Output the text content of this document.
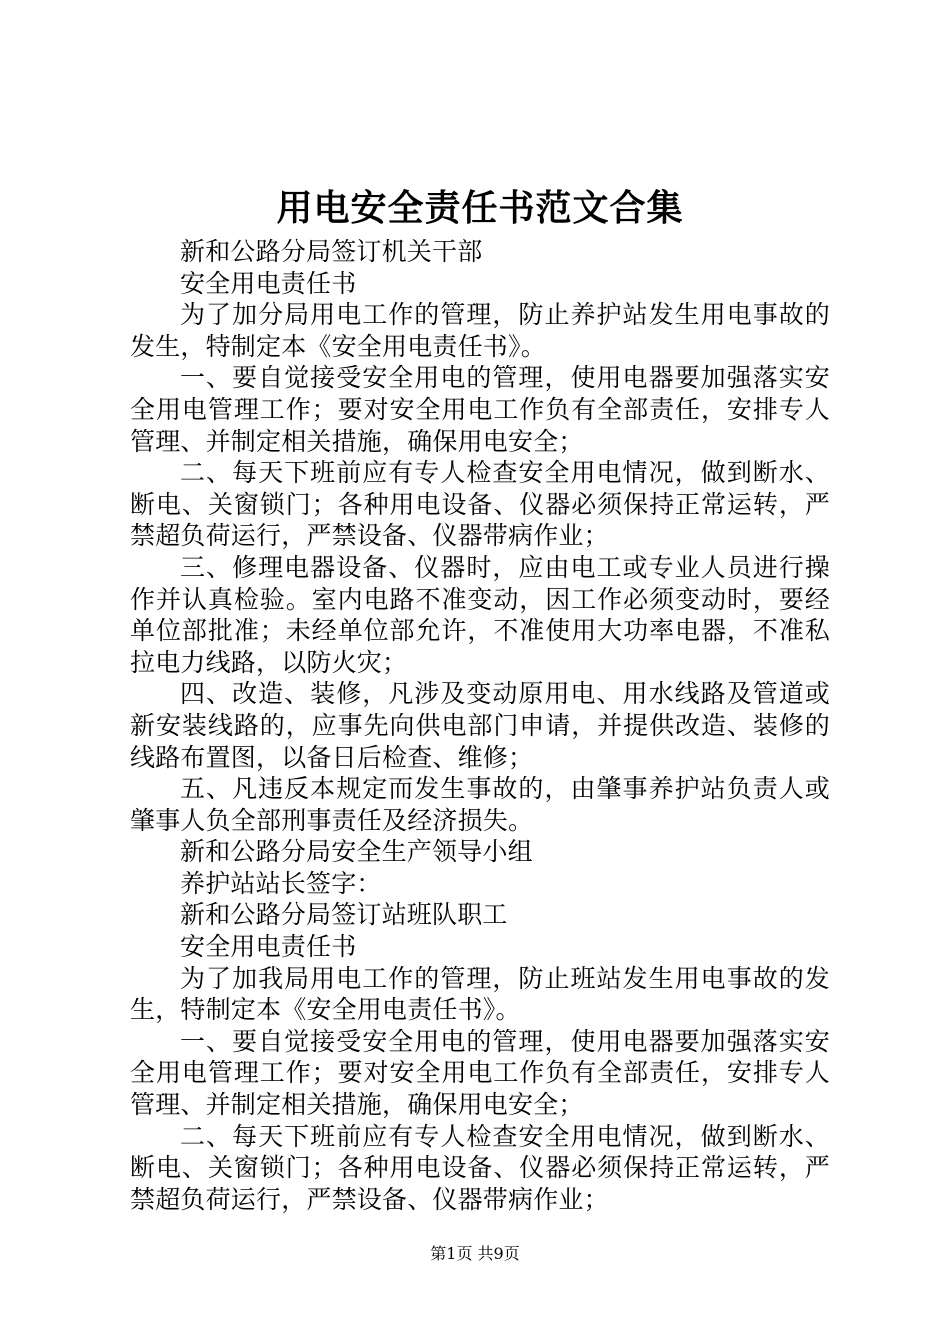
用电安全责任书范文合集

新和公路分局签订机关干部

安全用电责任书

为了加分局用电工作的管理，防止养护站发生用电事故的发生，特制定本《安全用电责任书》。

一、要自觉接受安全用电的管理，使用电器要加强落实安全用电管理工作；要对安全用电工作负有全部责任，安排专人管理、并制定相关措施，确保用电安全；

二、每天下班前应有专人检查安全用电情况，做到断水、断电、关窗锁门；各种用电设备、仪器必须保持正常运转，严禁超负荷运行，严禁设备、仪器带病作业；

三、修理电器设备、仪器时，应由电工或专业人员进行操作并认真检验。室内电路不准变动，因工作必须变动时，要经单位部批准；未经单位部允许，不准使用大功率电器，不准私拉电力线路，以防火灾；

四、改造、装修，凡涉及变动原用电、用水线路及管道或新安装线路的，应事先向供电部门申请，并提供改造、装修的线路布置图，以备日后检查、维修；

五、凡违反本规定而发生事故的，由肇事养护站负责人或肇事人负全部刑事责任及经济损失。

新和公路分局安全生产领导小组

养护站站长签字：

新和公路分局签订站班队职工

安全用电责任书

为了加我局用电工作的管理，防止班站发生用电事故的发生，特制定本《安全用电责任书》。

一、要自觉接受安全用电的管理，使用电器要加强落实安全用电管理工作；要对安全用电工作负有全部责任，安排专人管理、并制定相关措施，确保用电安全；

二、每天下班前应有专人检查安全用电情况，做到断水、断电、关窗锁门；各种用电设备、仪器必须保持正常运转，严禁超负荷运行，严禁设备、仪器带病作业；

第1页 共9页
